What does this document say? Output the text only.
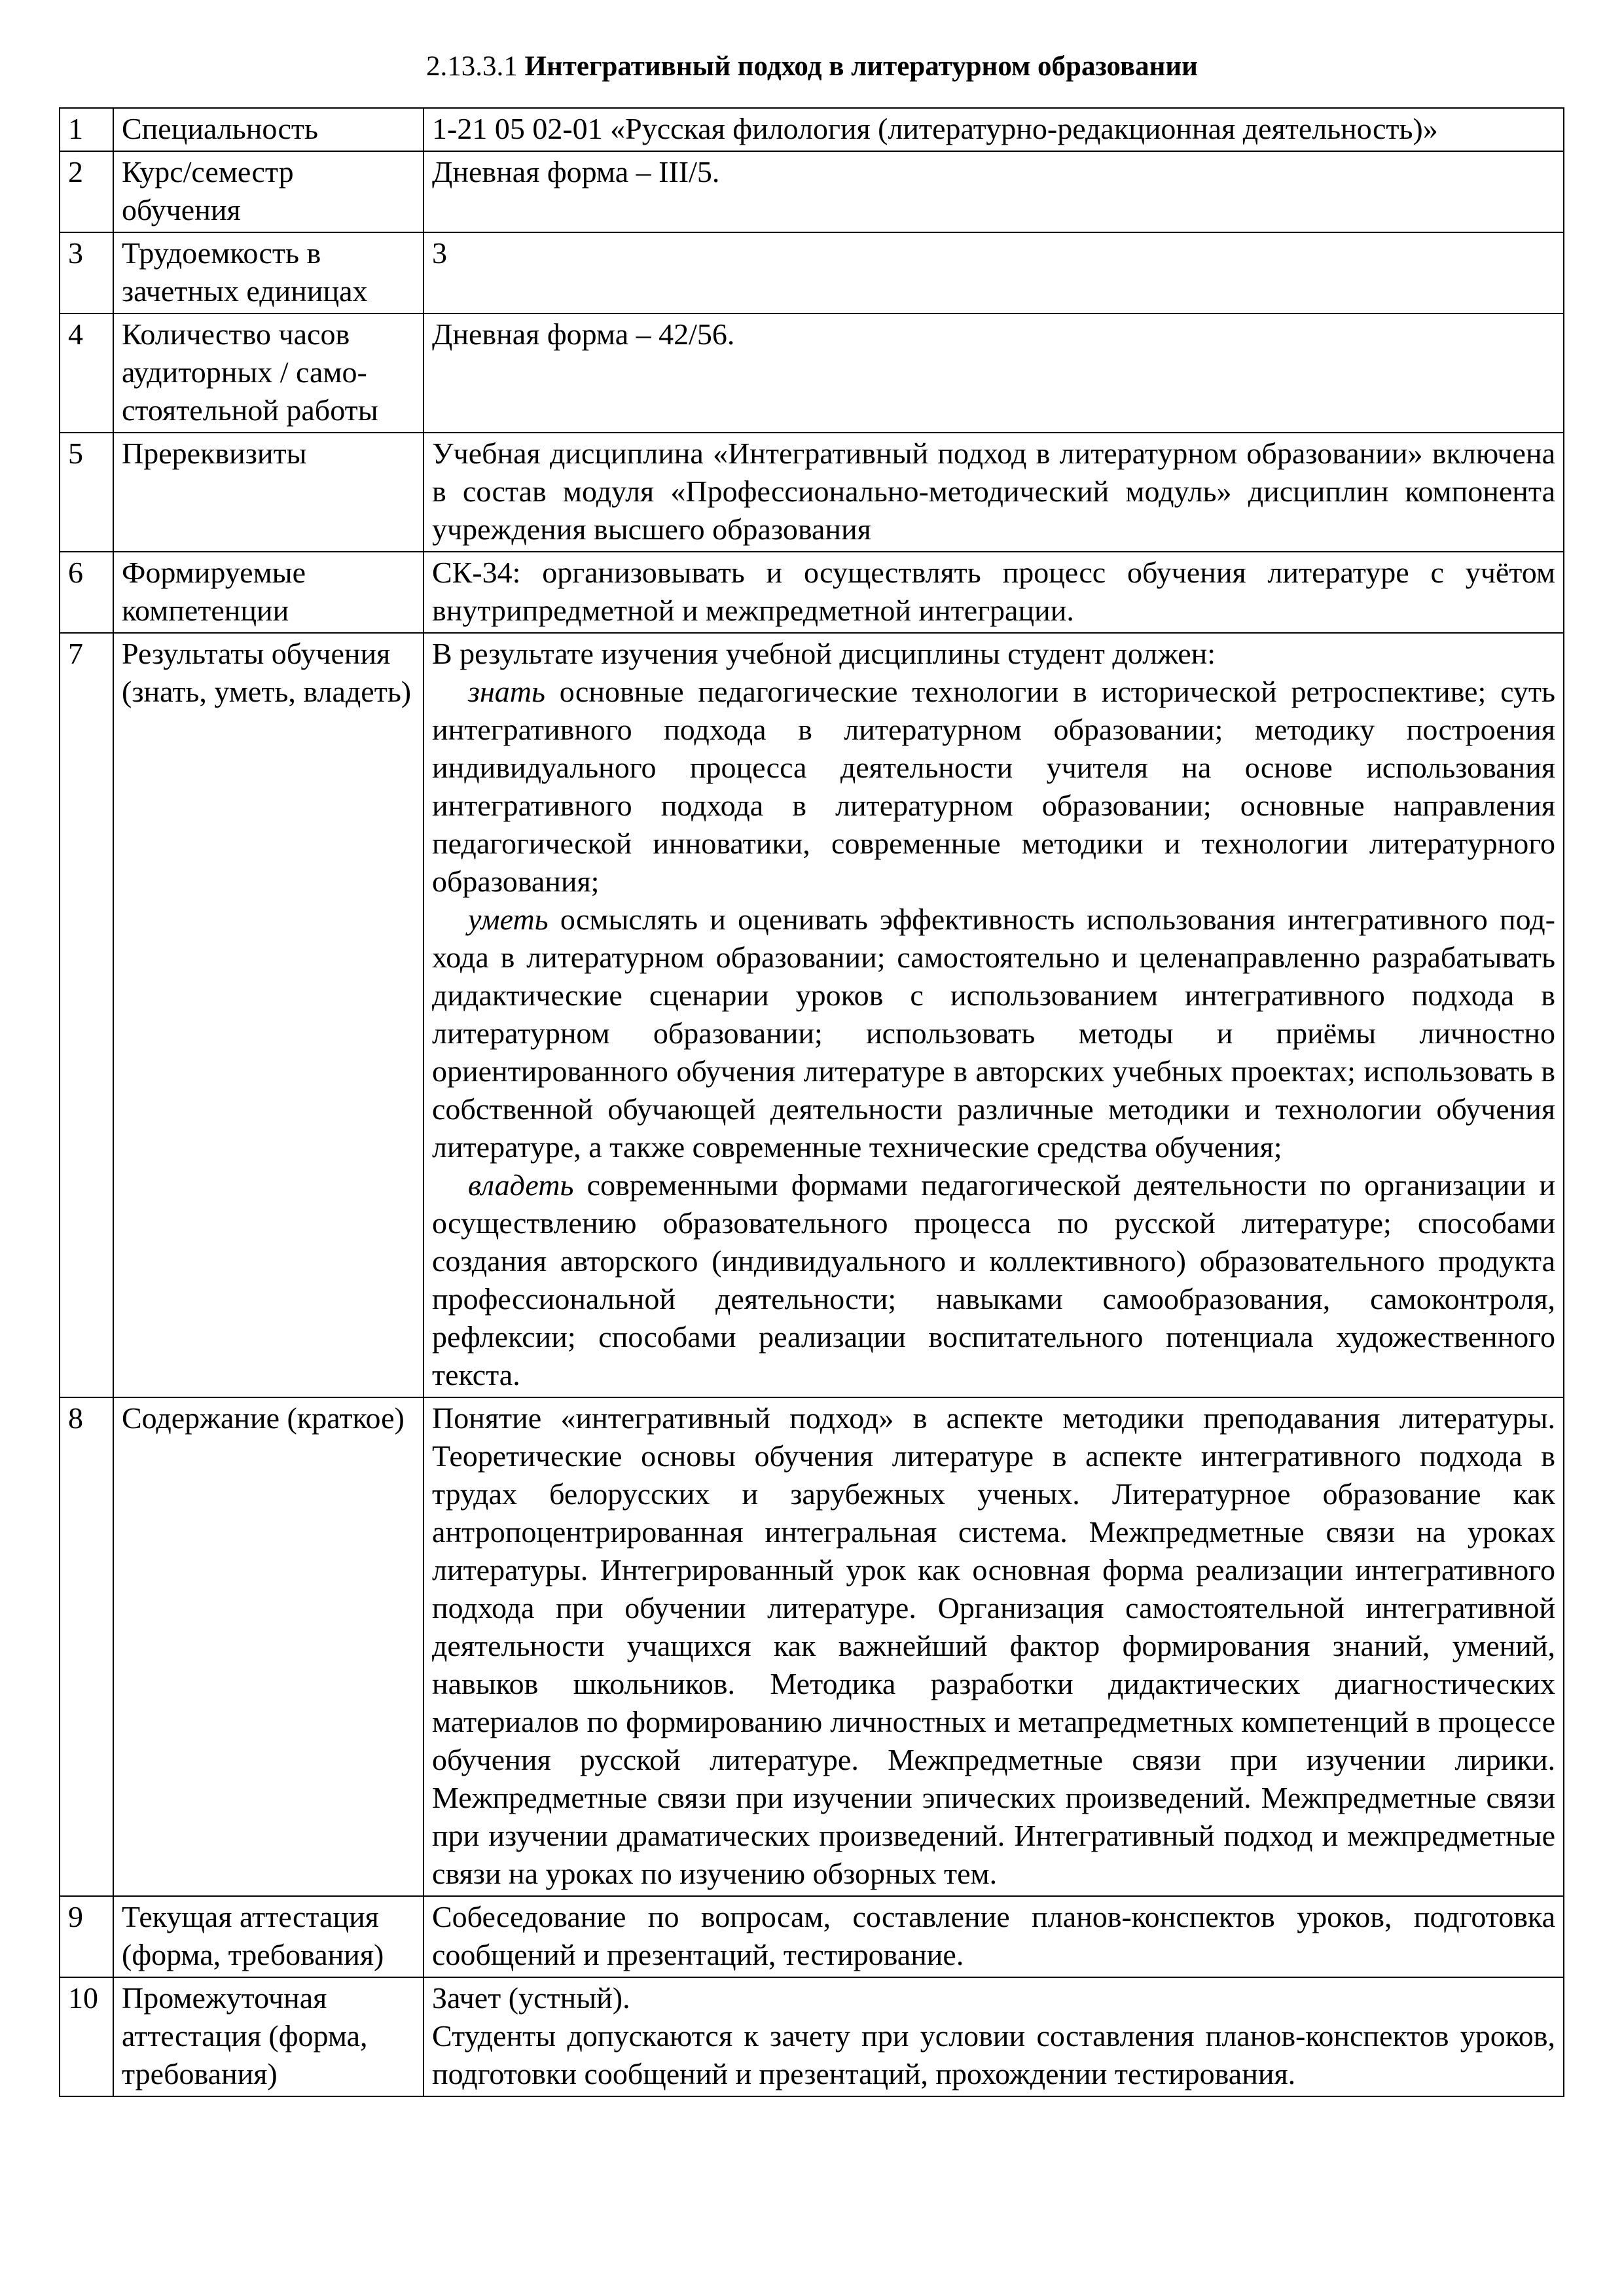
2.13.3.1 Интегративный подход в литературном образовании
1	Специальность	1-21 05 02-01 «Русская филология (литературно-редакционная деятельность)»
2	Курс/семестр обучения	Дневная форма – III/5.
3	Трудоемкость в зачетных единицах	3
4	Количество часов аудиторных / само-стоятельной работы	Дневная форма – 42/56.
5	Пререквизиты	Учебная дисциплина «Интегративный подход в литературном образовании» включена в состав модуля «Профессионально-методический модуль» дисциплин компонента учреждения высшего образования
6	Формируемые компетенции	СК-34: организовывать и осуществлять процесс обучения литературе с учётом внутрипредметной и межпредметной интеграции.
7	Результаты обучения (знать, уметь, владеть)	В результате изучения учебной дисциплины студент должен:
знать основные педагогические технологии в исторической ретроспективе; суть интегративного подхода в литературном образовании; методику построения индивидуального процесса деятельности учителя на основе использования интегративного подхода в литературном образовании; основные направления педагогической инноватики, современные методики и технологии литературного образования;
уметь осмыслять и оценивать эффективность использования интегративного под-хода в литературном образовании; самостоятельно и целенаправленно разрабатывать дидактические сценарии уроков с использованием интегративного подхода в литературном образовании; использовать методы и приёмы личностно ориентированного обучения литературе в авторских учебных проектах; использовать в собственной обучающей деятельности различные методики и технологии обучения литературе, а также современные технические средства обучения;
владеть современными формами педагогической деятельности по организации и осуществлению образовательного процесса по русской литературе; способами создания авторского (индивидуального и коллективного) образовательного продукта профессиональной деятельности; навыками самообразования, самоконтроля, рефлексии; способами реализации воспитательного потенциала художественного текста.

8	Содержание (краткое)	Понятие «интегративный подход» в аспекте методики преподавания литературы. Теоретические основы обучения литературе в аспекте интегративного подхода в трудах белорусских и зарубежных ученых. Литературное образование как антропоцентрированная интегральная система. Межпредметные связи на уроках литературы. Интегрированный урок как основная форма реализации интегративного подхода при обучении литературе. Организация самостоятельной интегративной деятельности учащихся как важнейший фактор формирования знаний, умений, навыков школьников. Методика разработки дидактических диагностических материалов по формированию личностных и метапредметных компетенций в процессе обучения русской литературе. Межпредметные связи при изучении лирики. Межпредметные связи при изучении эпических произведений. Межпредметные связи при изучении драматических произведений. Интегративный подход и межпредметные связи на уроках по изучению обзорных тем.
9	Текущая аттестация (форма, требования)	Собеседование по вопросам, составление планов-конспектов уроков, подготовка сообщений и презентаций, тестирование.
10	Промежуточная аттестация (форма, требования)	Зачет (устный).
Студенты допускаются к зачету при условии составления планов-конспектов уроков, подготовки сообщений и презентаций, прохождении тестирования.
